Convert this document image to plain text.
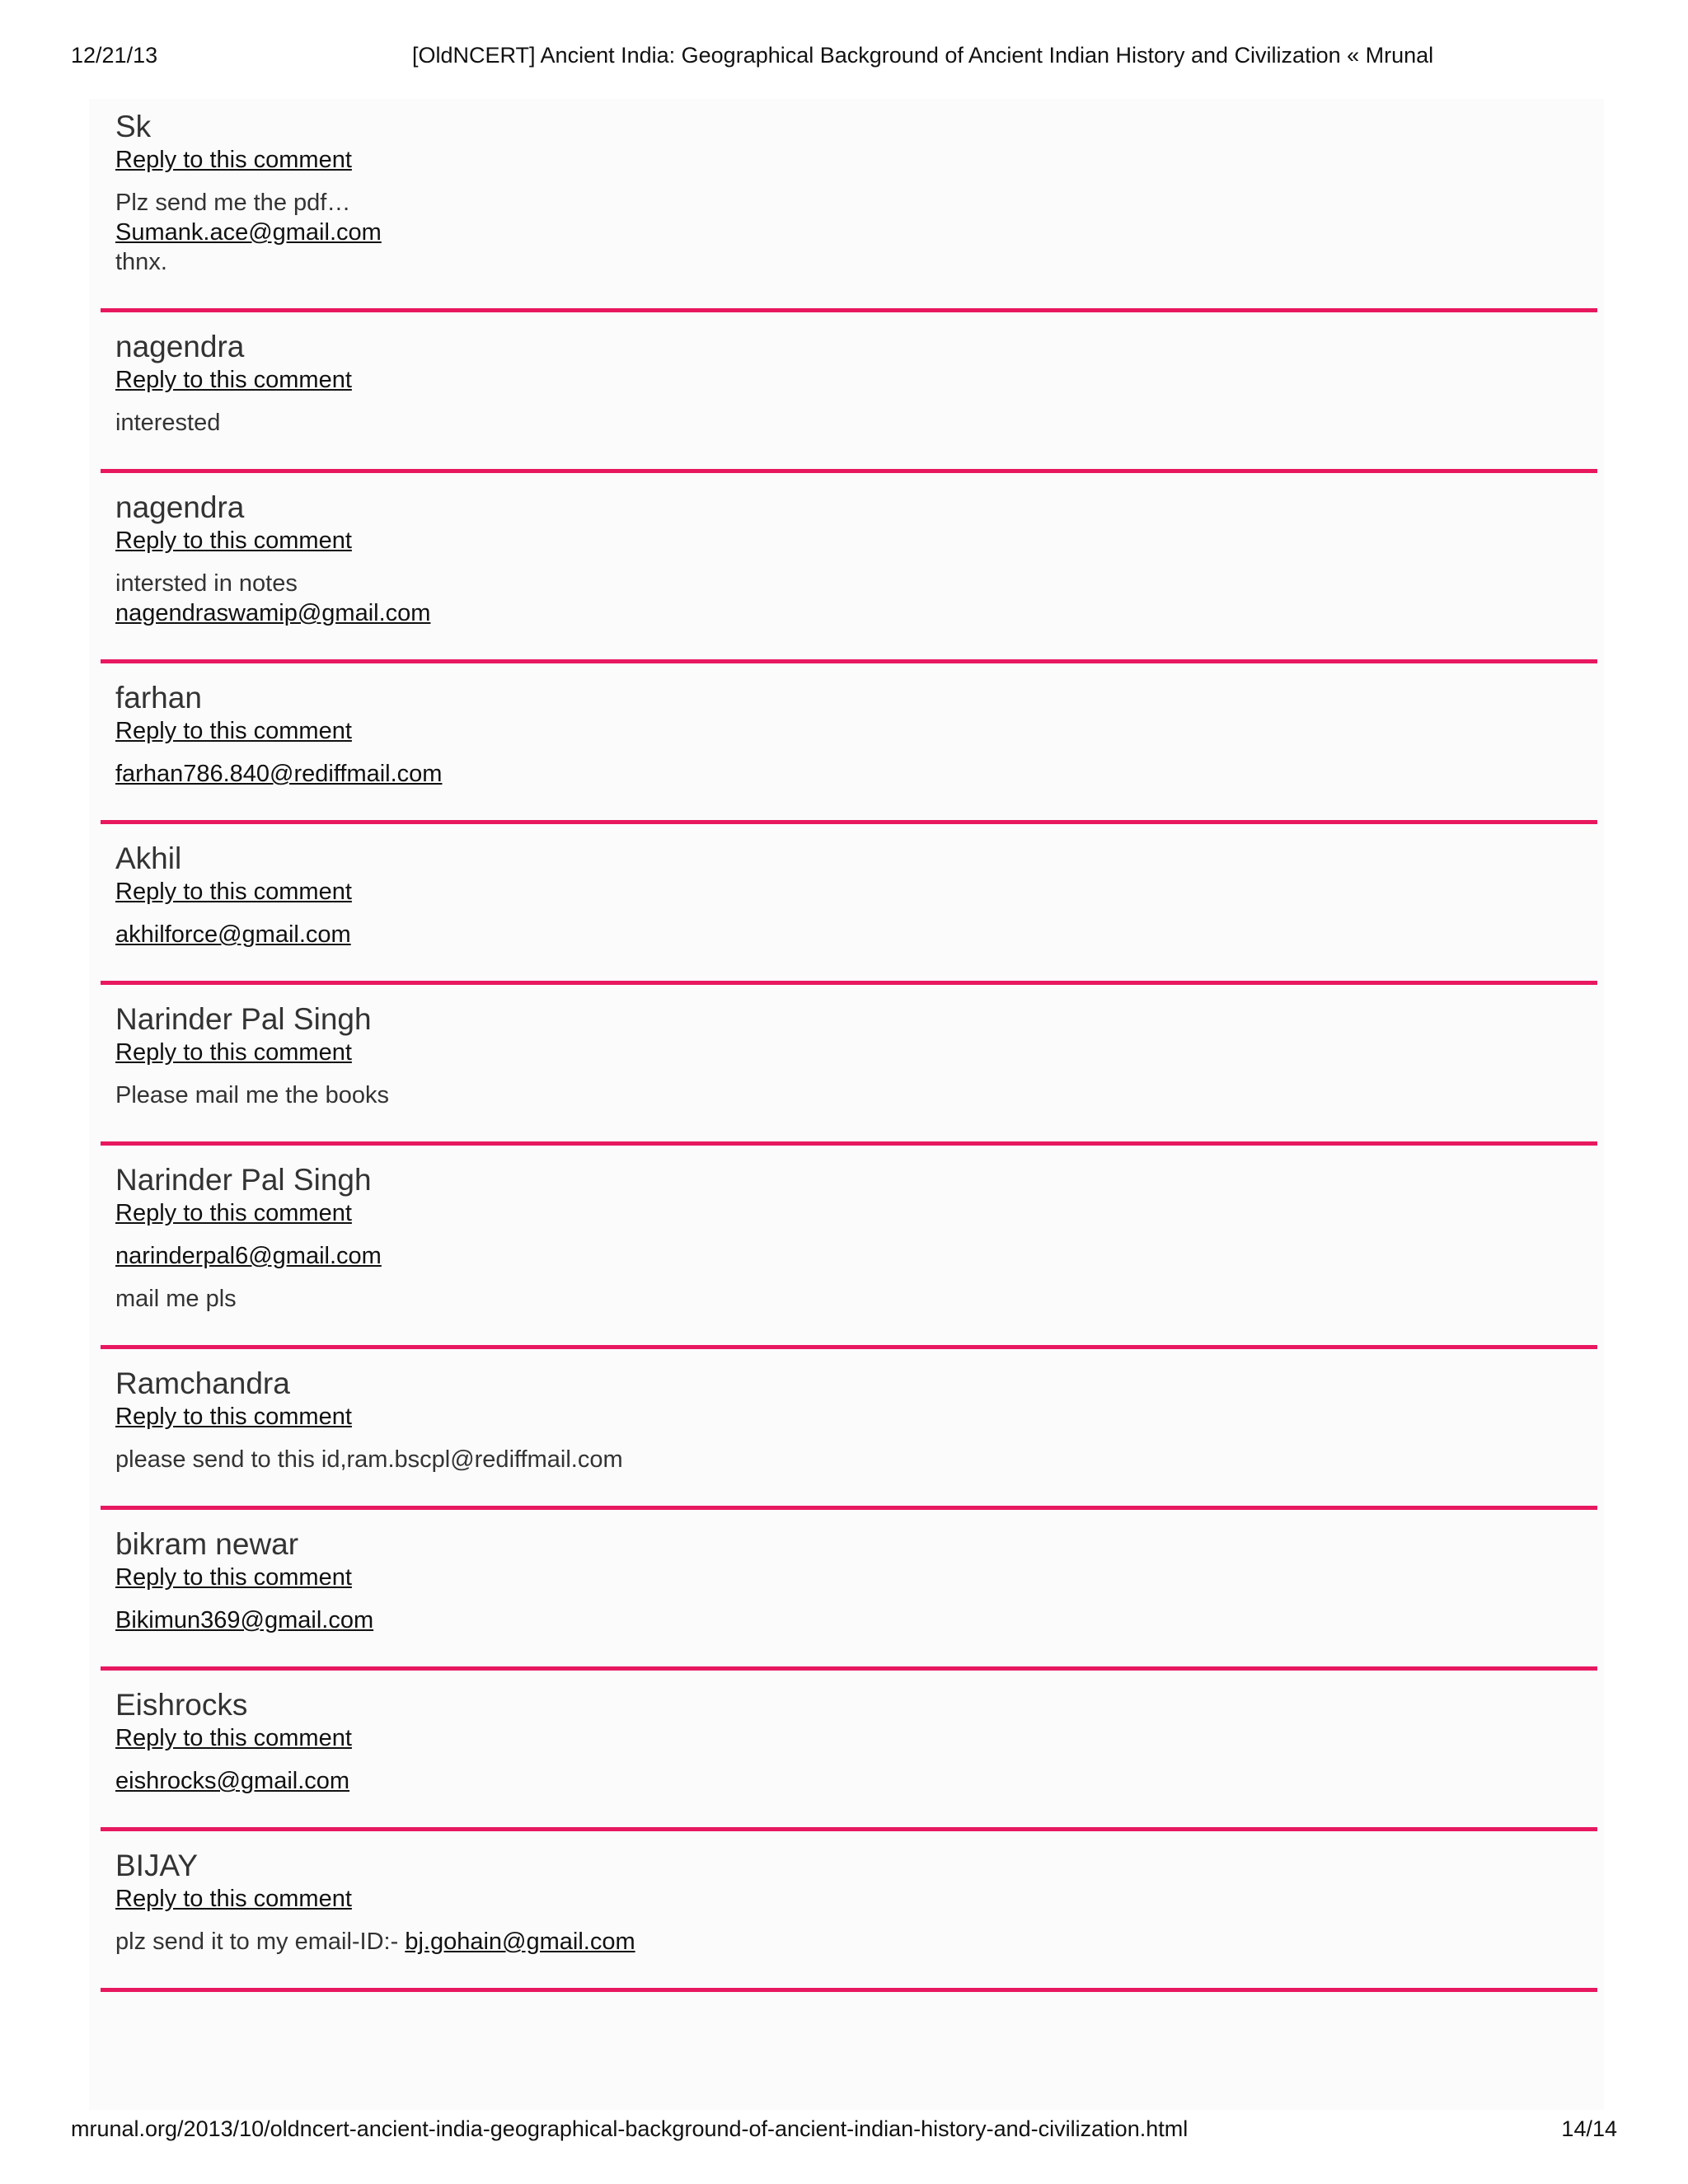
12/21/13	[OldNCERT] Ancient India: Geographical Background of Ancient Indian History and Civilization « Mrunal
Sk
Reply to this comment

Plz send me the pdf…
Sumank.ace@gmail.com
thnx.

nagendra
Reply to this comment

interested

nagendra
Reply to this comment

intersted in notes
nagendraswamip@gmail.com

farhan
Reply to this comment

farhan786.840@rediffmail.com

Akhil
Reply to this comment

akhilforce@gmail.com

Narinder Pal Singh
Reply to this comment

Please mail me the books

Narinder Pal Singh
Reply to this comment

narinderpal6@gmail.com

mail me pls

Ramchandra
Reply to this comment

please send to this id,ram.bscpl@rediffmail.com

bikram newar
Reply to this comment

Bikimun369@gmail.com

Eishrocks
Reply to this comment

eishrocks@gmail.com

BIJAY
Reply to this comment

plz send it to my email-ID:- bj.gohain@gmail.com

mrunal.org/2013/10/oldncert-ancient-india-geographical-background-of-ancient-indian-history-and-civilization.html	14/14
